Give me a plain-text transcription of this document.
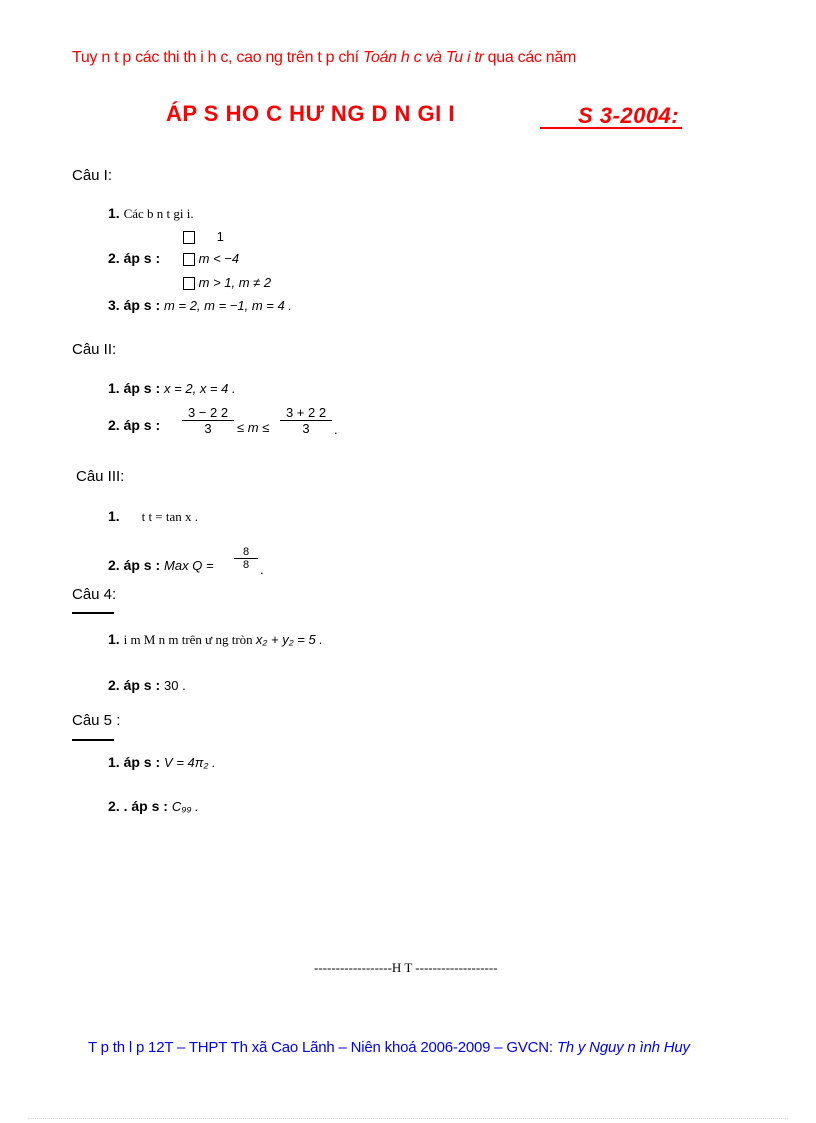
Tuy n t p các thi th i h c, cao ng trên t p chí Toán h c và Tu i tr qua các năm
ÁP S HO C HƯ NG D N GI I	S 3-2004:
Câu I:
1. Các b n t gi i.
2. áp s :
1
m < −4
m > 1, m ≠ 2
3. áp s : m = 2, m = −1, m = 4 .
Câu II:
1. áp s : x = 2, x = 4 .
2. áp s : $\frac{3 - 2 2}{3} \le m \le \frac{3 + 2 2}{3}$ .
Câu III:
1. t t = tan x .
2. áp s : Max $Q = \frac{8}{8}$ .
Câu 4:
1. i m M n m trên ư ng tròn x₂ + y₂ = 5 .
2. áp s : 30 .
Câu 5 :
1. áp s : V = 4π₂ .
2. . áp s : C₉₉ .
------------------H T -------------------
T p th l p 12T – THPT Th xã Cao Lãnh – Niên khoá 2006-2009 – GVCN: Th y Nguy n ình Huy
